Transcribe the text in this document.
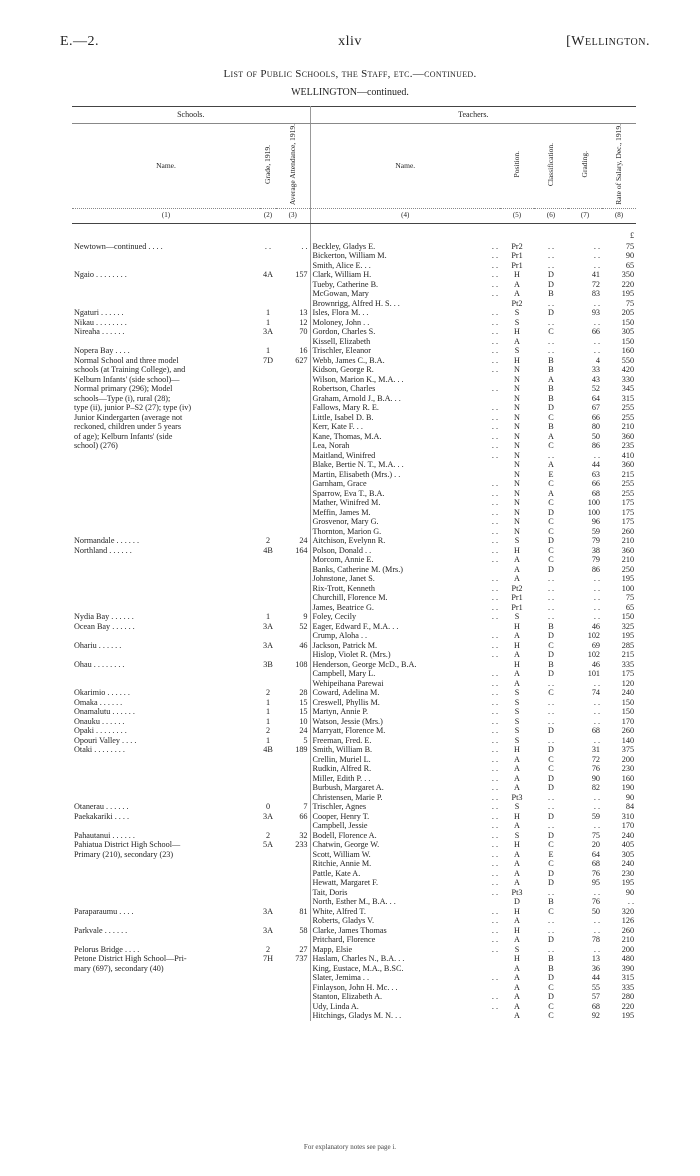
E.—2.	xliv	[Wellington.
List of Public Schools, the Staff, etc.—continued.
WELLINGTON—continued.
Schools.			Teachers.				
Name.	Grade, 1919.	Average Attendance, 1919.	Name.	Position.	Classification.	Grading.	Rate of Salary, Dec., 1919.
(1)	(2)	(3)	(4)	(5)	(6)	(7)	(8)

							£
Newtown—continued . . . .	. .	. .	Beckley, Gladys E. . .	Pr2	. .	. .	75
			Bickerton, William M. . .	Pr1	. .	. .	90
			Smith, Alice E. . . . .	Pr1	. .	. .	65
Ngaio . . . . . . . .	4A	157	Clark, William H. . .	H	D	41	350
			Tueby, Catherine B. . .	A	D	72	220
			McGowan, Mary . .	A	B	83	195
			Brownrigg, Alfred H. S. . .	Pt2	. .	. .	75
Ngaturi . . . . . .	1	13	Isles, Flora M. . . . .	S	D	93	205
Nikau . . . . . . . .	1	12	Moloney, John . . . .	S	. .	. .	150
Nireaha . . . . . .	3A	70	Gordon, Charles S. . .	H	C	66	305
			Kissell, Elizabeth . .	A	. .	. .	150
Nopera Bay . . . .	1	16	Trischler, Eleanor . .	S	. .	. .	160
Normal School and three model	7D	627	Webb, James C., B.A. . .	H	B	4	550
schools (at Training College), and			Kidson, George R. . .	N	B	33	420
Kelburn Infants' (side school)—			Wilson, Marion K., M.A. . .	N	A	43	330
Normal primary (296); Model			Robertson, Charles . .	N	B	52	345
schools—Type (i), rural (28);			Graham, Arnold J., B.A. . .	N	B	64	315
type (ii), junior P–S2 (27); type (iv)			Fallows, Mary R. E. . .	N	D	67	255
Junior Kindergarten (average not			Little, Isabel D. B. . .	N	C	66	255
reckoned, children under 5 years			Kerr, Kate F. . . . .	N	B	80	210
of age); Kelburn Infants' (side			Kane, Thomas, M.A. . .	N	A	50	360
school) (276)			Lea, Norah . .	N	C	86	235
			Maitland, Winifred . .	N	. .	. .	410
			Blake, Bertie N. T., M.A. . .	N	A	44	360
			Martin, Elisabeth (Mrs.) . .	N	E	63	215
			Garnham, Grace . .	N	C	66	255
			Sparrow, Eva T., B.A. . .	N	A	68	255
			Mather, Winifred M. . .	N	C	100	175
			Meffin, James M. . .	N	D	100	175
			Grosvenor, Mary G. . .	N	C	96	175
			Thornton, Marion G. . .	N	C	59	260
Normandale . . . . . .	2	24	Aitchison, Evelynn R. . .	S	D	79	210
Northland . . . . . .	4B	164	Polson, Donald . . . .	H	C	38	360
			Morcom, Annie E. . .	A	C	79	210
			Banks, Catherine M. (Mrs.)	A	D	86	250
			Johnstone, Janet S. . .	A	. .	. .	195
			Rix-Trott, Kenneth . .	Pt2	. .	. .	100
			Churchill, Florence M. . .	Pr1	. .	. .	75
			James, Beatrice G. . .	Pr1	. .	. .	65
Nydia Bay . . . . . .	1	9	Foley, Cecily . .	S	. .	. .	150
Ocean Bay . . . . . .	3A	52	Eager, Edward F., M.A. . .	H	B	46	325
			Crump, Aloha . . . .	A	D	102	195
Ohariu . . . . . .	3A	46	Jackson, Patrick M. . .	H	C	69	285
			Hislop, Violet R. (Mrs.) . .	A	D	102	215
Ohau . . . . . . . .	3B	108	Henderson, George McD., B.A.	H	B	46	335
			Campbell, Mary L. . .	A	D	101	175
			Wehipeihana Parewai . .	A	. .	. .	120
Okarimio . . . . . .	2	28	Coward, Adelina M. . .	S	C	74	240
Omaka . . . . . .	1	15	Creswell, Phyllis M. . .	S	. .	. .	150
Onamalutu . . . . . .	1	15	Martyn, Annie P. . .	S	. .	. .	150
Onauku . . . . . .	1	10	Watson, Jessie (Mrs.) . .	S	. .	. .	170
Opaki . . . . . . . .	2	24	Marryatt, Florence M. . .	S	D	68	260
Opouri Valley . . . .	1	5	Freeman, Fred. E. . .	S	. .	. .	140
Otaki . . . . . . . .	4B	189	Smith, William B. . .	H	D	31	375
			Crellin, Muriel L. . .	A	C	72	200
			Rudkin, Alfred R. . .	A	C	76	230
			Miller, Edith P. . . . .	A	D	90	160
			Burbush, Margaret A. . .	A	D	82	190
			Christensen, Marie P. . .	Pt3	. .	. .	90
Otanerau . . . . . .	0	7	Trischler, Agnes . .	S	. .	. .	84
Paekakariki . . . .	3A	66	Cooper, Henry T. . .	H	D	59	310
			Campbell, Jessie . .	A	. .	. .	170
Pahautanui . . . . . .	2	32	Bodell, Florence A. . .	S	D	75	240
Pahiatua District High School—	5A	233	Chatwin, George W. . .	H	C	20	405
Primary (210), secondary (23)			Scott, William W. . .	A	E	64	305
			Ritchie, Annie M. . .	A	C	68	240
			Pattle, Kate A. . .	A	D	76	230
			Hewatt, Margaret F. . .	A	D	95	195
			Tait, Doris . .	Pt3	. .	. .	90
			North, Esther M., B.A. . .	D	B	76	. .
Paraparaumu . . . .	3A	81	White, Alfred T. . .	H	C	50	320
			Roberts, Gladys V. . .	A	. .	. .	126
Parkvale . . . . . .	3A	58	Clarke, James Thomas . .	H	. .	. .	260
			Pritchard, Florence . .	A	D	78	210
Pelorus Bridge . . . .	2	27	Mapp, Elsie . .	S	. .	. .	200
Petone District High School—Pri-	7H	737	Haslam, Charles N., B.A. . .	H	B	13	480
mary (697), secondary (40)			King, Eustace, M.A., B.SC.	A	B	36	390
			Slater, Jemima . . . .	A	D	44	315
			Finlayson, John H. Mc. . .	A	C	55	335
			Stanton, Elizabeth A. . .	A	D	57	280
			Udy, Linda A. . .	A	C	68	220
			Hitchings, Gladys M. N. . .	A	C	92	195
For explanatory notes see page i.
